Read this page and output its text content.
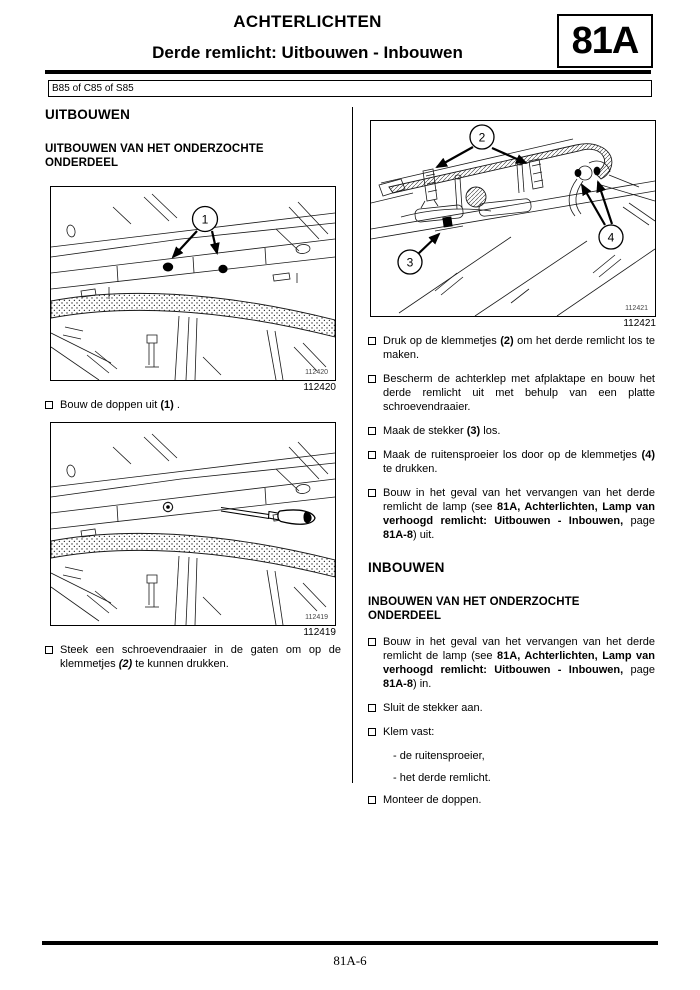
ACHTERLICHTEN
Derde remlicht: Uitbouwen - Inbouwen	81A
B85 of C85 of S85
UITBOUWEN
UITBOUWEN VAN HET ONDERZOCHTE ONDERDEEL
1
112420
112420
Bouw de doppen uit (1) .
112419
112419
Steek een schroevendraaier in de gaten om op de klemmetjes (2) te kunnen drukken.
2
3
4
112421
112421
Druk op de klemmetjes (2) om het derde remlicht los te maken.
Bescherm de achterklep met afplaktape en bouw het derde remlicht uit met behulp van een platte schroevendraaier.
Maak de stekker (3) los.
Maak de ruitensproeier los door op de klemmetjes (4) te drukken.
Bouw in het geval van het vervangen van het derde remlicht de lamp (see 81A, Achterlichten, Lamp van verhoogd remlicht: Uitbouwen - Inbouwen, page 81A-8) uit.
INBOUWEN
INBOUWEN VAN HET ONDERZOCHTE ONDERDEEL
Bouw in het geval van het vervangen van het derde remlicht de lamp (see 81A, Achterlichten, Lamp van verhoogd remlicht: Uitbouwen - Inbouwen, page 81A-8) in.
Sluit de stekker aan.
Klem vast:
- de ruitensproeier,
- het derde remlicht.
Monteer de doppen.
81A-6
